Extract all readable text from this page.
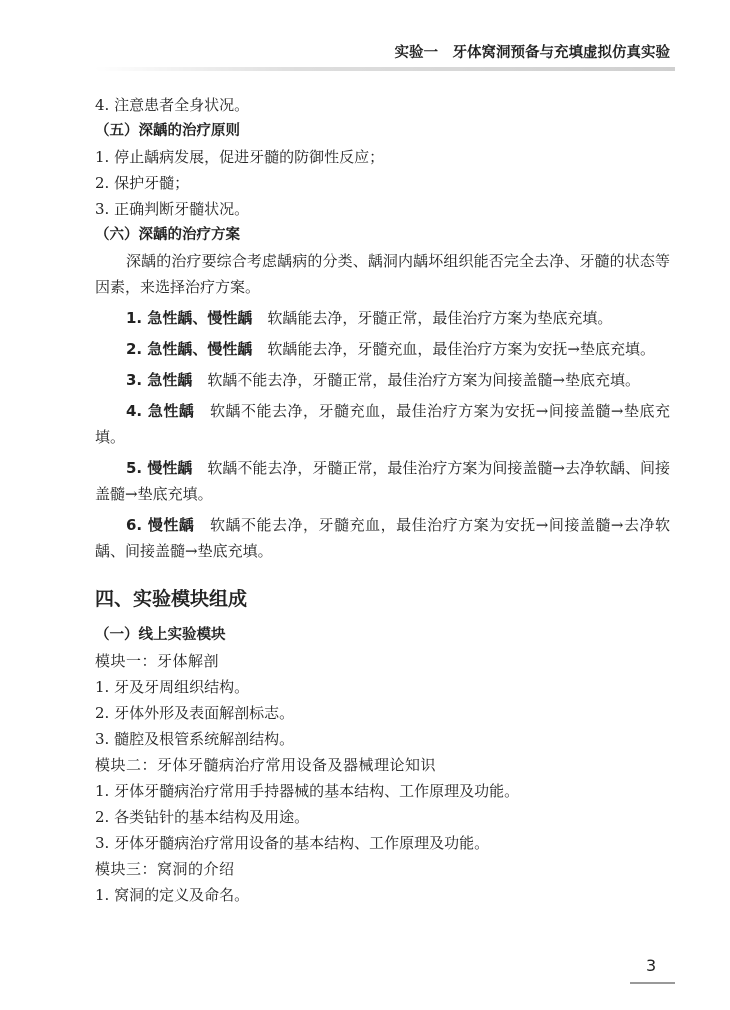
实验一　牙体窝洞预备与充填虚拟仿真实验
4. 注意患者全身状况。
（五）深龋的治疗原则
1. 停止龋病发展，促进牙髓的防御性反应；
2. 保护牙髓；
3. 正确判断牙髓状况。
（六）深龋的治疗方案
深龋的治疗要综合考虑龋病的分类、龋洞内龋坏组织能否完全去净、牙髓的状态等因素，来选择治疗方案。
1. 急性龋、慢性龋　 软龋能去净，牙髓正常，最佳治疗方案为垫底充填。
2. 急性龋、慢性龋　 软龋能去净，牙髓充血，最佳治疗方案为安抚→垫底充填。
3. 急性龋　 软龋不能去净，牙髓正常，最佳治疗方案为间接盖髓→垫底充填。
4. 急性龋　 软龋不能去净，牙髓充血，最佳治疗方案为安抚→间接盖髓→垫底充填。
5. 慢性龋　 软龋不能去净，牙髓正常，最佳治疗方案为间接盖髓→去净软龋、间接盖髓→垫底充填。
6. 慢性龋　 软龋不能去净，牙髓充血，最佳治疗方案为安抚→间接盖髓→去净软龋、间接盖髓→垫底充填。
四、实验模块组成
（一）线上实验模块
模块一：牙体解剖
1. 牙及牙周组织结构。
2. 牙体外形及表面解剖标志。
3. 髓腔及根管系统解剖结构。
模块二：牙体牙髓病治疗常用设备及器械理论知识
1. 牙体牙髓病治疗常用手持器械的基本结构、工作原理及功能。
2. 各类钻针的基本结构及用途。
3. 牙体牙髓病治疗常用设备的基本结构、工作原理及功能。
模块三：窝洞的介绍
1. 窝洞的定义及命名。
3
